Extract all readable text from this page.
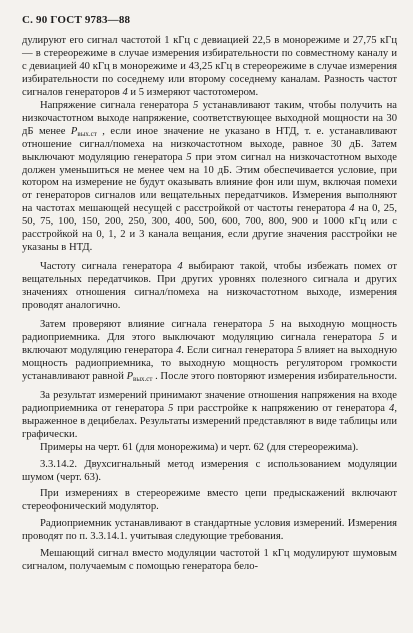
С. 90 ГОСТ 9783—88

дулируют его сигнал частотой 1 кГц с девиацией 22,5 в монорежиме и 27,75 кГц — в стереорежиме в случае измерения избирательности по совместному каналу и с девиацией 40 кГц в монорежиме и 43,25 кГц в стереорежиме в случае измерения избирательности по соседнему или второму соседнему каналам. Разность частот сигналов генераторов 4 и 5 измеряют частотомером.

Напряжение сигнала генератора 5 устанавливают таким, чтобы получить на низкочастотном выходе напряжение, соответствующее выходной мощности на 30 дБ менее $P_{вых.ст}$ , если иное значение не указано в НТД, т. е. устанавливают отношение сигнал/помеха на низкочастотном выходе, равное 30 дБ. Затем выключают модуляцию генератора 5 при этом сигнал на низкочастотном выходе должен уменьшиться не менее чем на 10 дБ. Этим обеспечивается условие, при котором на измерение не будут оказывать влияние фон или шум, включая помехи от генераторов сигналов или вещательных передатчиков. Измерения выполняют на частотах мешающей несущей с расстройкой от частоты генератора 4 на 0, 25, 50, 75, 100, 150, 200, 250, 300, 400, 500, 600, 700, 800, 900 и 1000 кГц или с расстройкой на 0, 1, 2 и 3 канала вещания, если другие значения расстройки не указаны в НТД.

Частоту сигнала генератора 4 выбирают такой, чтобы избежать помех от вещательных передатчиков. При других уровнях полезного сигнала и других значениях отношения сигнал/помеха на низкочастотном выходе, измерения проводят аналогично.

Затем проверяют влияние сигнала генератора 5 на выходную мощность радиоприемника. Для этого выключают модуляцию сигнала генератора 5 и включают модуляцию генератора 4. Если сигнал генератора 5 влияет на выходную мощность радиоприемника, то выходную мощность регулятором громкости устанавливают равной $P_{вых.ст}$ . После этого повторяют измерения избирательности.

За результат измерений принимают значение отношения напряжения на входе радиоприемника от генератора 5 при расстройке к напряжению от генератора 4, выраженное в децибелах. Результаты измерений представляют в виде таблицы или графически.

Примеры на черт. 61 (для монорежима) и черт. 62 (для стереорежима).

3.3.14.2. Двухсигнальный метод измерения с использованием модуляции шумом (черт. 63).

При измерениях в стереорежиме вместо цепи предыскажений включают стереофонический модулятор.

Радиоприемник устанавливают в стандартные условия измерений. Измерения проводят по п. 3.3.14.1. учитывая следующие требования.

Мешающий сигнал вместо модуляции частотой 1 кГц модулируют шумовым сигналом, получаемым с помощью генератора бело-
